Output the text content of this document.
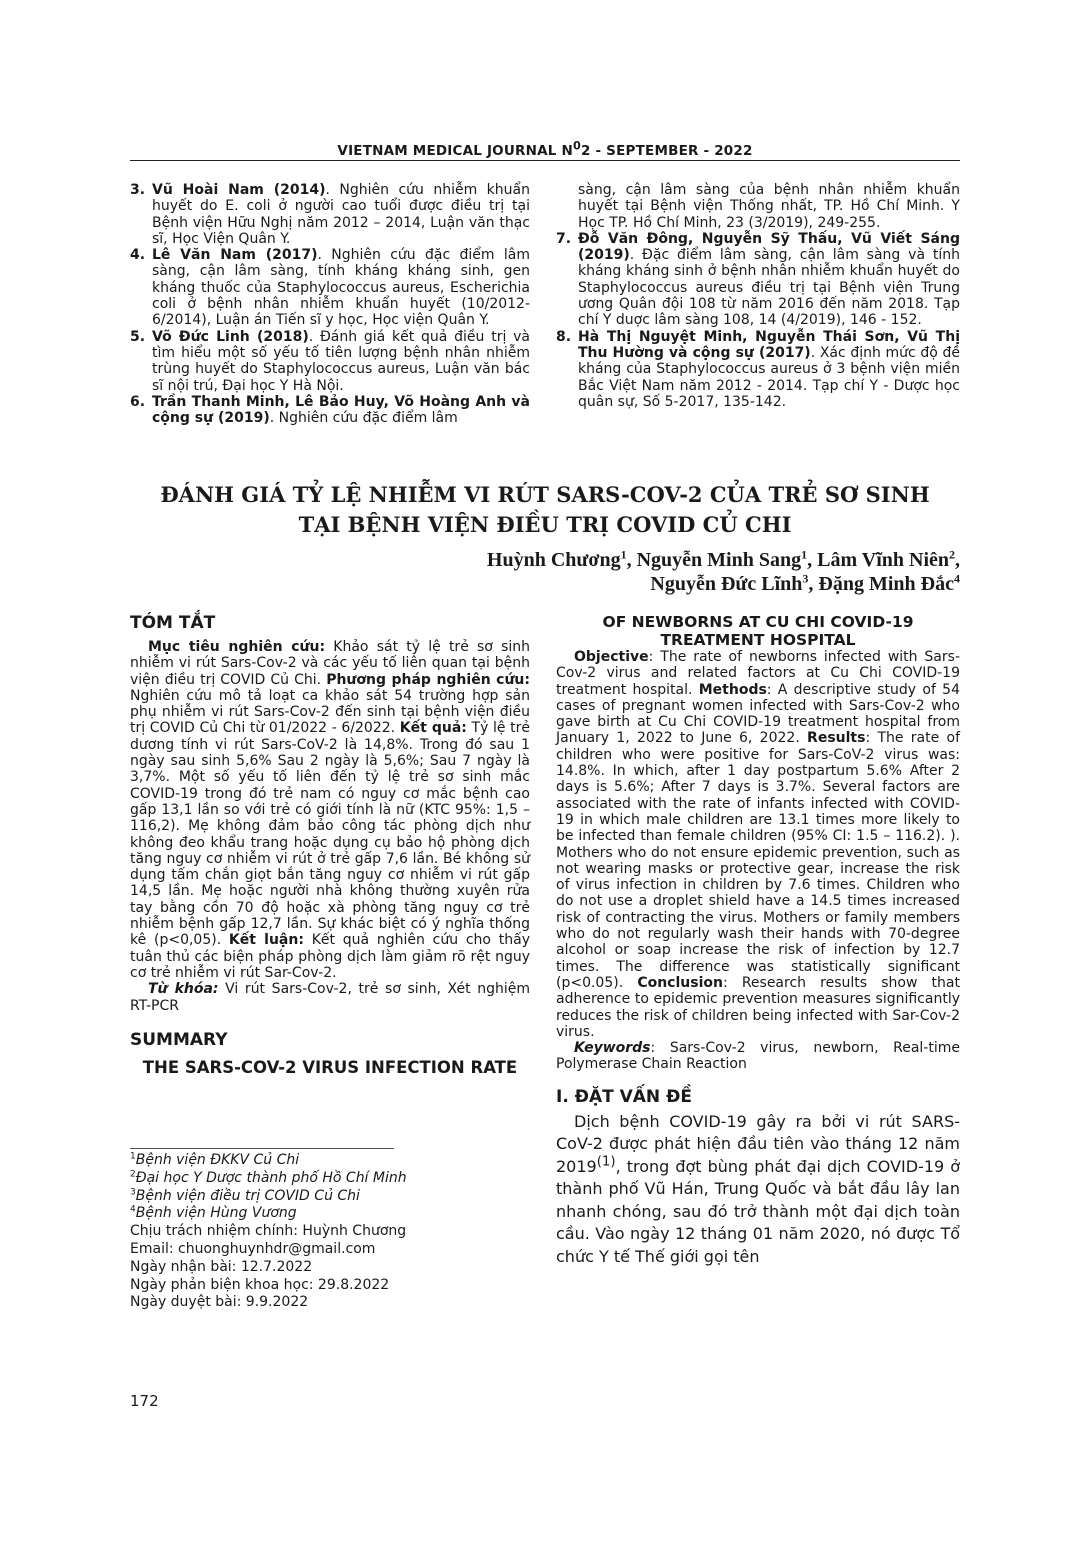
VIETNAM MEDICAL JOURNAL $N^02$ - SEPTEMBER - 2022
3. Vũ Hoài Nam (2014). Nghiên cứu nhiễm khuẩn huyết do E. coli ở người cao tuổi được điều trị tại Bệnh viện Hữu Nghị năm 2012 – 2014, Luận văn thạc sĩ, Học Viện Quân Y.
4. Lê Văn Nam (2017). Nghiên cứu đặc điểm lâm sàng, cận lâm sàng, tính kháng kháng sinh, gen kháng thuốc của Staphylococcus aureus, Escherichia coli ở bệnh nhân nhiễm khuẩn huyết (10/2012-6/2014), Luận án Tiến sĩ y học, Học viện Quân Y.
5. Võ Đức Linh (2018). Đánh giá kết quả điều trị và tìm hiểu một số yếu tố tiên lượng bệnh nhân nhiễm trùng huyết do Staphylococcus aureus, Luận văn bác sĩ nội trú, Đại học Y Hà Nội.
6. Trần Thanh Minh, Lê Bảo Huy, Võ Hoàng Anh và cộng sự (2019). Nghiên cứu đặc điểm lâm
sàng, cận lâm sàng của bệnh nhân nhiễm khuẩn huyết tại Bệnh viện Thống nhất, TP. Hồ Chí Minh. Y Học TP. Hồ Chí Minh, 23 (3/2019), 249-255.
7. Đỗ Văn Đông, Nguyễn Sỹ Thấu, Vũ Viết Sáng (2019). Đặc điểm lâm sàng, cận lâm sàng và tính kháng kháng sinh ở bệnh nhân nhiễm khuẩn huyết do Staphylococcus aureus điều trị tại Bệnh viện Trung ương Quân đội 108 từ năm 2016 đến năm 2018. Tạp chí Y duợc lâm sàng 108, 14 (4/2019), 146 - 152.
8. Hà Thị Nguyệt Minh, Nguyễn Thái Sơn, Vũ Thị Thu Hường và cộng sự (2017). Xác định mức độ đề kháng của Staphylococcus aureus ở 3 bệnh viện miền Bắc Việt Nam năm 2012 - 2014. Tạp chí Y - Dược học quân sự, Số 5-2017, 135-142.
ĐÁNH GIÁ TỶ LỆ NHIỄM VI RÚT SARS-COV-2 CỦA TRẺ SƠ SINH
TẠI BỆNH VIỆN ĐIỀU TRỊ COVID CỦ CHI
Huỳnh Chương$^1$, Nguyễn Minh Sang$^1$, Lâm Vĩnh Niên$^2$,
Nguyễn Đức Lĩnh$^3$, Đặng Minh Đắc$^4$
TÓM TẮT

Mục tiêu nghiên cứu: Khảo sát tỷ lệ trẻ sơ sinh nhiễm vi rút Sars-Cov-2 và các yếu tố liên quan tại bệnh viện điều trị COVID Củ Chi. Phương pháp nghiên cứu: Nghiên cứu mô tả loạt ca khảo sát 54 trường hợp sản phụ nhiễm vi rút Sars-Cov-2 đến sinh tại bệnh viện điều trị COVID Củ Chi từ 01/2022 - 6/2022. Kết quả: Tỷ lệ trẻ dương tính vi rút Sars-CoV-2 là 14,8%. Trong đó sau 1 ngày sau sinh 5,6% Sau 2 ngày là 5,6%; Sau 7 ngày là 3,7%. Một số yếu tố liên đến tỷ lệ trẻ sơ sinh mắc COVID-19 trong đó trẻ nam có nguy cơ mắc bệnh cao gấp 13,1 lần so với trẻ có giới tính là nữ (KTC 95%: 1,5 – 116,2). Mẹ không đảm bảo công tác phòng dịch như không đeo khẩu trang hoặc dụng cụ bảo hộ phòng dịch tăng nguy cơ nhiễm vi rút ở trẻ gấp 7,6 lần. Bé không sử dụng tấm chắn giọt bắn tăng nguy cơ nhiễm vi rút gấp 14,5 lần. Mẹ hoặc người nhà không thường xuyên rửa tay bằng cồn 70 độ hoặc xà phòng tăng nguy cơ trẻ nhiễm bệnh gấp 12,7 lần. Sự khác biệt có ý nghĩa thống kê (p<0,05). Kết luận: Kết quả nghiên cứu cho thấy tuân thủ các biện pháp phòng dịch làm giảm rõ rệt nguy cơ trẻ nhiễm vi rút Sar-Cov-2.

Từ khóa: Vi rút Sars-Cov-2, trẻ sơ sinh, Xét nghiệm RT-PCR

SUMMARY
THE SARS-COV-2 VIRUS INFECTION RATE
$^1$Bệnh viện ĐKKV Củ Chi
$^2$Đại học Y Dược thành phố Hồ Chí Minh
$^3$Bệnh viện điều trị COVID Củ Chi
$^4$Bệnh viện Hùng Vương
Chịu trách nhiệm chính: Huỳnh Chương
Email: chuonghuynhdr@gmail.com
Ngày nhận bài: 12.7.2022
Ngày phản biện khoa học: 29.8.2022
Ngày duyệt bài: 9.9.2022
172
OF NEWBORNS AT CU CHI COVID-19 TREATMENT HOSPITAL

Objective: The rate of newborns infected with Sars-Cov-2 virus and related factors at Cu Chi COVID-19 treatment hospital. Methods: A descriptive study of 54 cases of pregnant women infected with Sars-Cov-2 who gave birth at Cu Chi COVID-19 treatment hospital from January 1, 2022 to June 6, 2022. Results: The rate of children who were positive for Sars-CoV-2 virus was: 14.8%. In which, after 1 day postpartum 5.6% After 2 days is 5.6%; After 7 days is 3.7%. Several factors are associated with the rate of infants infected with COVID-19 in which male children are 13.1 times more likely to be infected than female children (95% CI: 1.5 – 116.2). ). Mothers who do not ensure epidemic prevention, such as not wearing masks or protective gear, increase the risk of virus infection in children by 7.6 times. Children who do not use a droplet shield have a 14.5 times increased risk of contracting the virus. Mothers or family members who do not regularly wash their hands with 70-degree alcohol or soap increase the risk of infection by 12.7 times. The difference was statistically significant (p<0.05). Conclusion: Research results show that adherence to epidemic prevention measures significantly reduces the risk of children being infected with Sar-Cov-2 virus.

Keywords: Sars-Cov-2 virus, newborn, Real-time Polymerase Chain Reaction

I. ĐẶT VẤN ĐỀ

Dịch bệnh COVID-19 gây ra bởi vi rút SARS-CoV-2 được phát hiện đầu tiên vào tháng 12 năm 2019$^{(1)}$, trong đợt bùng phát đại dịch COVID-19 ở thành phố Vũ Hán, Trung Quốc và bắt đầu lây lan nhanh chóng, sau đó trở thành một đại dịch toàn cầu. Vào ngày 12 tháng 01 năm 2020, nó được Tổ chức Y tế Thế giới gọi tên
